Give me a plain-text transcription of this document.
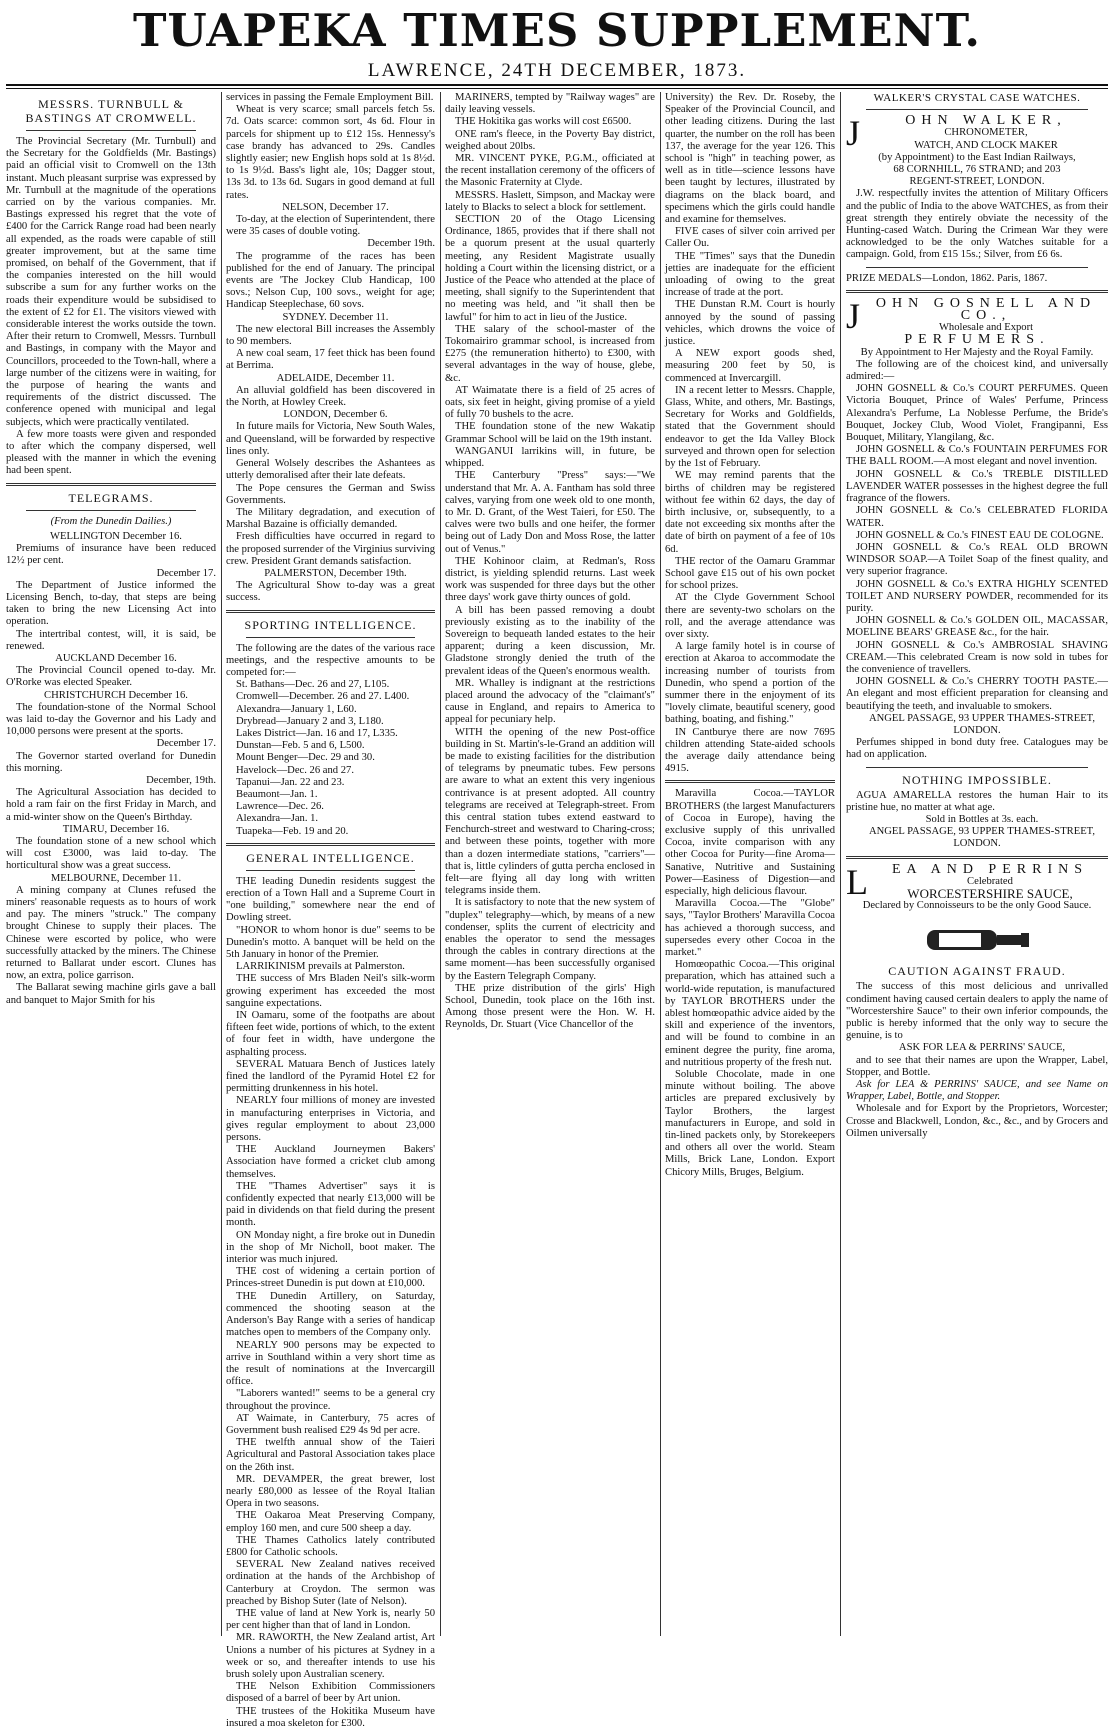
TUAPEKA TIMES SUPPLEMENT.
LAWRENCE, 24TH DECEMBER, 1873.
MESSRS. TURNBULL & BASTINGS AT CROMWELL.

The Provincial Secretary (Mr. Turnbull) and the Secretary for the Goldfields (Mr. Bastings) paid an official visit to Cromwell on the 13th instant. Much pleasant surprise was expressed by Mr. Turnbull at the magnitude of the operations carried on by the various companies. Mr. Bastings expressed his regret that the vote of £400 for the Carrick Range road had been nearly all expended, as the roads were capable of still greater improvement, but at the same time promised, on behalf of the Government, that if the companies interested on the hill would subscribe a sum for any further works on the roads their expenditure would be subsidised to the extent of £2 for £1. The visitors viewed with considerable interest the works outside the town. After their return to Cromwell, Messrs. Turnbull and Bastings, in company with the Mayor and Councillors, proceeded to the Town-hall, where a large number of the citizens were in waiting, for the purpose of hearing the wants and requirements of the district discussed. The conference opened with municipal and legal subjects, which were practically ventilated.

A few more toasts were given and responded to after which the company dispersed, well pleased with the manner in which the evening had been spent.

TELEGRAMS.
(From the Dunedin Dailies.)

WELLINGTON December 16.

Premiums of insurance have been reduced 12½ per cent.

December 17.

The Department of Justice informed the Licensing Bench, to-day, that steps are being taken to bring the new Licensing Act into operation.

The intertribal contest, will, it is said, be renewed.

AUCKLAND December 16.

The Provincial Council opened to-day. Mr. O'Rorke was elected Speaker.

CHRISTCHURCH December 16.

The foundation-stone of the Normal School was laid to-day the Governor and his Lady and 10,000 persons were present at the sports.

December 17.

The Governor started overland for Dunedin this morning.

December, 19th.

The Agricultural Association has decided to hold a ram fair on the first Friday in March, and a mid-winter show on the Queen's Birthday.

TIMARU, December 16.

The foundation stone of a new school which will cost £3000, was laid to-day. The horticultural show was a great success.

MELBOURNE, December 11.

A mining company at Clunes refused the miners' reasonable requests as to hours of work and pay. The miners "struck." The company brought Chinese to supply their places. The Chinese were escorted by police, who were successfully attacked by the miners. The Chinese returned to Ballarat under escort. Clunes has now, an extra, police garrison.

The Ballarat sewing machine girls gave a ball and banquet to Major Smith for his

services in passing the Female Employment Bill.

Wheat is very scarce; small parcels fetch 5s. 7d. Oats scarce: common sort, 4s 6d. Flour in parcels for shipment up to £12 15s. Hennessy's case brandy has advanced to 29s. Candles slightly easier; new English hops sold at 1s 8½d. to 1s 9½d. Bass's light ale, 10s; Dagger stout, 13s 3d. to 13s 6d. Sugars in good demand at full rates.

NELSON, December 17.

To-day, at the election of Superintendent, there were 35 cases of double voting.

December 19th.

The programme of the races has been published for the end of January. The principal events are 'The Jockey Club Handicap, 100 sovs.; Nelson Cup, 100 sovs., weight for age; Handicap Steeplechase, 60 sovs.

SYDNEY. December 11.

The new electoral Bill increases the Assembly to 90 members.

A new coal seam, 17 feet thick has been found at Berrima.

ADELAIDE, December 11.

An alluvial goldfield has been discovered in the North, at Howley Creek.

LONDON, December 6.

In future mails for Victoria, New South Wales, and Queensland, will be forwarded by respective lines only.

General Wolsely describes the Ashantees as utterly demoralised after their late defeats.

The Pope censures the German and Swiss Governments.

The Military degradation, and execution of Marshal Bazaine is officially demanded.

Fresh difficulties have occurred in regard to the proposed surrender of the Virginius surviving crew. President Grant demands satisfaction.

PALMERSTON, December 19th.

The Agricultural Show to-day was a great success.

SPORTING INTELLIGENCE.

The following are the dates of the various race meetings, and the respective amounts to be competed for:—

St. Bathans—Dec. 26 and 27, L105.

Cromwell—December. 26 and 27. L400.

Alexandra—January 1, L60.

Drybread—January 2 and 3, L180.

Lakes District—Jan. 16 and 17, L335.

Dunstan—Feb. 5 and 6, L500.

Mount Benger—Dec. 29 and 30.

Havelock—Dec. 26 and 27.

Tapanui—Jan. 22 and 23.

Beaumont—Jan. 1.

Lawrence—Dec. 26.

Alexandra—Jan. 1.

Tuapeka—Feb. 19 and 20.

GENERAL INTELLIGENCE.

THE leading Dunedin residents suggest the erection of a Town Hall and a Supreme Court in "one building," somewhere near the end of Dowling street.

"HONOR to whom honor is due" seems to be Dunedin's motto. A banquet will be held on the 5th January in honor of the Premier.

LARRIKINISM prevails at Palmerston.

THE success of Mrs Bladen Neil's silk-worm growing experiment has exceeded the most sanguine expectations.

IN Oamaru, some of the footpaths are about fifteen feet wide, portions of which, to the extent of four feet in width, have undergone the asphalting process.

SEVERAL Matuara Bench of Justices lately fined the landlord of the Pyramid Hotel £2 for permitting drunkenness in his hotel.

NEARLY four millions of money are invested in manufacturing enterprises in Victoria, and gives regular employment to about 23,000 persons.

THE Auckland Journeymen Bakers' Association have formed a cricket club among themselves.

THE "Thames Advertiser" says it is confidently expected that nearly £13,000 will be paid in dividends on that field during the present month.

ON Monday night, a fire broke out in Dunedin in the shop of Mr Nicholl, boot maker. The interior was much injured.

THE cost of widening a certain portion of Princes-street Dunedin is put down at £10,000.

THE Dunedin Artillery, on Saturday, commenced the shooting season at the Anderson's Bay Range with a series of handicap matches open to members of the Company only.

NEARLY 900 persons may be expected to arrive in Southland within a very short time as the result of nominations at the Invercargill office.

"Laborers wanted!" seems to be a general cry throughout the province.

AT Waimate, in Canterbury, 75 acres of Government bush realised £29 4s 9d per acre.

THE twelfth annual show of the Taieri Agricultural and Pastoral Association takes place on the 26th inst.

MR. DEVAMPER, the great brewer, lost nearly £80,000 as lessee of the Royal Italian Opera in two seasons.

THE Oakaroa Meat Preserving Company, employ 160 men, and cure 500 sheep a day.

THE Thames Catholics lately contributed £800 for Catholic schools.

SEVERAL New Zealand natives received ordination at the hands of the Archbishop of Canterbury at Croydon. The sermon was preached by Bishop Suter (late of Nelson).

THE value of land at New York is, nearly 50 per cent higher than that of land in London.

MR. RAWORTH, the New Zealand artist, Art Unions a number of his pictures at Sydney in a week or so, and thereafter intends to use his brush solely upon Australian scenery.

THE Nelson Exhibition Commissioners disposed of a barrel of beer by Art union.

THE trustees of the Hokitika Museum have insured a moa skeleton for £300.

MARINERS, tempted by "Railway wages" are daily leaving vessels.

THE Hokitika gas works will cost £6500.

ONE ram's fleece, in the Poverty Bay district, weighed about 20lbs.

MR. VINCENT PYKE, P.G.M., officiated at the recent installation ceremony of the officers of the Masonic Fraternity at Clyde.

MESSRS. Haslett, Simpson, and Mackay were lately to Blacks to select a block for settlement.

SECTION 20 of the Otago Licensing Ordinance, 1865, provides that if there shall not be a quorum present at the usual quarterly meeting, any Resident Magistrate usually holding a Court within the licensing district, or a Justice of the Peace who attended at the place of meeting, shall signify to the Superintendent that no meeting was held, and "it shall then be lawful" for him to act in lieu of the Justice.

THE salary of the school-master of the Tokomairiro grammar school, is increased from £275 (the remuneration hitherto) to £300, with several advantages in the way of house, glebe, &c.

AT Waimatate there is a field of 25 acres of oats, six feet in height, giving promise of a yield of fully 70 bushels to the acre.

THE foundation stone of the new Wakatip Grammar School will be laid on the 19th instant.

WANGANUI larrikins will, in future, be whipped.

THE Canterbury "Press" says:—"We understand that Mr. A. A. Fantham has sold three calves, varying from one week old to one month, to Mr. D. Grant, of the West Taieri, for £50. The calves were two bulls and one heifer, the former being out of Lady Don and Moss Rose, the latter out of Venus."

THE Kohinoor claim, at Redman's, Ross district, is yielding splendid returns. Last week work was suspended for three days but the other three days' work gave thirty ounces of gold.

A bill has been passed removing a doubt previously existing as to the inability of the Sovereign to bequeath landed estates to the heir apparent; during a keen discussion, Mr. Gladstone strongly denied the truth of the prevalent ideas of the Queen's enormous wealth.

MR. Whalley is indignant at the restrictions placed around the advocacy of the "claimant's" cause in England, and repairs to America to appeal for pecuniary help.

WITH the opening of the new Post-office building in St. Martin's-le-Grand an addition will be made to existing facilities for the distribution of telegrams by pneumatic tubes. Few persons are aware to what an extent this very ingenious contrivance is at present adopted. All country telegrams are received at Telegraph-street. From this central station tubes extend eastward to Fenchurch-street and westward to Charing-cross; and between these points, together with more than a dozen intermediate stations, "carriers"—that is, little cylinders of gutta percha enclosed in felt—are flying all day long with written telegrams inside them.

It is satisfactory to note that the new system of "duplex" telegraphy—which, by means of a new condenser, splits the current of electricity and enables the operator to send the messages through the cables in contrary directions at the same moment—has been successfully organised by the Eastern Telegraph Company.

THE prize distribution of the girls' High School, Dunedin, took place on the 16th inst. Among those present were the Hon. W. H. Reynolds, Dr. Stuart (Vice Chancellor of the

University) the Rev. Dr. Roseby, the Speaker of the Provincial Council, and other leading citizens. During the last quarter, the number on the roll has been 137, the average for the year 126. This school is "high" in teaching power, as well as in title—science lessons have been taught by lectures, illustrated by diagrams on the black board, and specimens which the girls could handle and examine for themselves.

FIVE cases of silver coin arrived per Caller Ou.

THE "Times" says that the Dunedin jetties are inadequate for the efficient unloading of owing to the great increase of trade at the port.

THE Dunstan R.M. Court is hourly annoyed by the sound of passing vehicles, which drowns the voice of justice.

A NEW export goods shed, measuring 200 feet by 50, is commenced at Invercargill.

IN a recent letter to Messrs. Chapple, Glass, White, and others, Mr. Bastings, Secretary for Works and Goldfields, stated that the Government should endeavor to get the Ida Valley Block surveyed and thrown open for selection by the 1st of February.

WE may remind parents that the births of children may be registered without fee within 62 days, the day of birth inclusive, or, subsequently, to a date not exceeding six months after the date of birth on payment of a fee of 10s 6d.

THE rector of the Oamaru Grammar School gave £15 out of his own pocket for school prizes.

AT the Clyde Government School there are seventy-two scholars on the roll, and the average attendance was over sixty.

A large family hotel is in course of erection at Akaroa to accommodate the increasing number of tourists from Dunedin, who spend a portion of the summer there in the enjoyment of its "lovely climate, beautiful scenery, good bathing, boating, and fishing."

IN Cantburye there are now 7695 children attending State-aided schools the average daily attendance being 4915.

Maravilla Cocoa.—TAYLOR BROTHERS (the largest Manufacturers of Cocoa in Europe), having the exclusive supply of this unrivalled Cocoa, invite comparison with any other Cocoa for Purity—fine Aroma—Sanative, Nutritive and Sustaining Power—Easiness of Digestion—and especially, high delicious flavour.

Maravilla Cocoa.—The "Globe" says, "Taylor Brothers' Maravilla Cocoa has achieved a thorough success, and supersedes every other Cocoa in the market."

Homœopathic Cocoa.—This original preparation, which has attained such a world-wide reputation, is manufactured by TAYLOR BROTHERS under the ablest homœopathic advice aided by the skill and experience of the inventors, and will be found to combine in an eminent degree the purity, fine aroma, and nutritious property of the fresh nut.

Soluble Chocolate, made in one minute without boiling. The above articles are prepared exclusively by Taylor Brothers, the largest manufacturers in Europe, and sold in tin-lined packets only, by Storekeepers and others all over the world. Steam Mills, Brick Lane, London. Export Chicory Mills, Bruges, Belgium.

WALKER'S CRYSTAL CASE WATCHES.
J	OHN WALKER,
CHRONOMETER,
WATCH, AND CLOCK MAKER
(by Appointment) to the East Indian Railways,
68 CORNHILL, 76 STRAND; and 203
REGENT-STREET, LONDON.

J.W. respectfully invites the attention of Military Officers and the public of India to the above WATCHES, as from their great strength they entirely obviate the necessity of the Hunting-cased Watch. During the Crimean War they were acknowledged to be the only Watches suitable for a campaign. Gold, from £15 15s.; Silver, from £6 6s.

PRIZE MEDALS—London, 1862. Paris, 1867.

J	OHN GOSNELL AND CO.,
Wholesale and Export
PERFUMERS.
By Appointment to Her Majesty and the Royal Family.

The following are of the choicest kind, and universally admired:—

JOHN GOSNELL & Co.'s COURT PERFUMES. Queen Victoria Bouquet, Prince of Wales' Perfume, Princess Alexandra's Perfume, La Noblesse Perfume, the Bride's Bouquet, Jockey Club, Wood Violet, Frangipanni, Ess Bouquet, Military, Ylangilang, &c.

JOHN GOSNELL & Co.'s FOUNTAIN PERFUMES FOR THE BALL ROOM.—A most elegant and novel invention.

JOHN GOSNELL & Co.'s TREBLE DISTILLED LAVENDER WATER possesses in the highest degree the full fragrance of the flowers.

JOHN GOSNELL & Co.'s CELEBRATED FLORIDA WATER.

JOHN GOSNELL & Co.'s FINEST EAU DE COLOGNE.

JOHN GOSNELL & Co.'s REAL OLD BROWN WINDSOR SOAP.—A Toilet Soap of the finest quality, and very superior fragrance.

JOHN GOSNELL & Co.'s EXTRA HIGHLY SCENTED TOILET AND NURSERY POWDER, recommended for its purity.

JOHN GOSNELL & Co.'s GOLDEN OIL, MACASSAR, MOELINE BEARS' GREASE &c., for the hair.

JOHN GOSNELL & Co.'s AMBROSIAL SHAVING CREAM.—This celebrated Cream is now sold in tubes for the convenience of travellers.

JOHN GOSNELL & Co.'s CHERRY TOOTH PASTE.—An elegant and most efficient preparation for cleansing and beautifying the teeth, and invaluable to smokers.

ANGEL PASSAGE, 93 UPPER THAMES-STREET, LONDON.

Perfumes shipped in bond duty free. Catalogues may be had on application.

NOTHING IMPOSSIBLE.

AGUA AMARELLA restores the human Hair to its pristine hue, no matter at what age.

Sold in Bottles at 3s. each.

ANGEL PASSAGE, 93 UPPER THAMES-STREET, LONDON.

L	EA AND PERRINS
Celebrated
WORCESTERSHIRE SAUCE,
Declared by Connoisseurs to be the only Good Sauce.
CAUTION AGAINST FRAUD.

The success of this most delicious and unrivalled condiment having caused certain dealers to apply the name of "Worcestershire Sauce" to their own inferior compounds, the public is hereby informed that the only way to secure the genuine, is to

ASK FOR LEA & PERRINS' SAUCE,

and to see that their names are upon the Wrapper, Label, Stopper, and Bottle.

Ask for LEA & PERRINS' SAUCE, and see Name on Wrapper, Label, Bottle, and Stopper.

Wholesale and for Export by the Proprietors, Worcester; Crosse and Blackwell, London, &c., &c., and by Grocers and Oilmen universally
